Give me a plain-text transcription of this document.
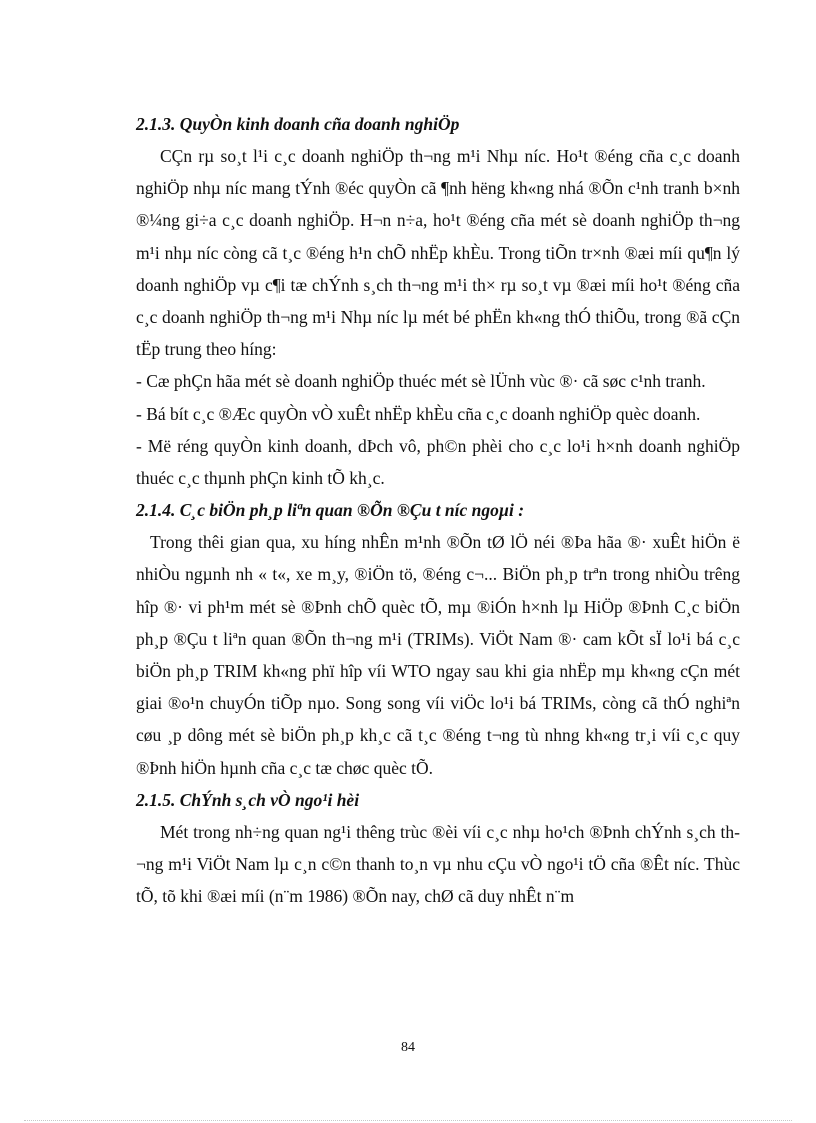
2.1.3. QuyÒn kinh doanh cña doanh nghiÖp

CÇn rµ so¸t l¹i c¸c doanh nghiÖp th¬ng m¹i Nhµ níc. Ho¹t ®éng cña c¸c doanh nghiÖp nhµ níc mang tÝnh ®éc quyÒn cã ¶nh hëng kh«ng nhá ®Õn c¹nh tranh b×nh ®¼ng gi÷a c¸c doanh nghiÖp. H¬n n÷a, ho¹t ®éng cña mét sè doanh nghiÖp th¬ng m¹i nhµ níc còng cã t¸c ®éng h¹n chÕ nhËp khÈu. Trong tiÕn tr×nh ®æi míi qu¶n lý doanh nghiÖp vµ c¶i tæ chÝnh s¸ch th¬ng m¹i th× rµ so¸t vµ ®æi míi ho¹t ®éng cña c¸c doanh nghiÖp th¬ng m¹i Nhµ níc lµ mét bé phËn kh«ng thÓ thiÕu, trong ®ã cÇn tËp trung theo híng:

- Cæ phÇn hãa mét sè doanh nghiÖp thuéc mét sè lÜnh vùc ®· cã søc c¹nh tranh.

- Bá bít c¸c ®Æc quyÒn vÒ xuÊt nhËp khÈu cña c¸c doanh nghiÖp quèc doanh.

- Më réng quyÒn kinh doanh, dÞch vô, ph©n phèi cho c¸c lo¹i h×nh doanh nghiÖp thuéc c¸c thµnh phÇn kinh tÕ kh¸c.

2.1.4. C¸c biÖn ph¸p liªn quan ®Õn ®Çu t níc ngoµi :

Trong thêi gian qua, xu híng nhÊn m¹nh ®Õn tØ lÖ néi ®Þa hãa ®· xuÊt hiÖn ë nhiÒu ngµnh nh « t«, xe m¸y, ®iÖn tö, ®éng c¬... BiÖn ph¸p trªn trong nhiÒu trêng hîp ®· vi ph¹m mét sè ®Þnh chÕ quèc tÕ, mµ ®iÓn h×nh lµ HiÖp ®Þnh C¸c biÖn ph¸p ®Çu t liªn quan ®Õn th¬ng m¹i (TRIMs). ViÖt Nam ®· cam kÕt sÏ lo¹i bá c¸c biÖn ph¸p TRIM kh«ng phï hîp víi WTO ngay sau khi gia nhËp mµ kh«ng cÇn mét giai ®o¹n chuyÓn tiÕp nµo. Song song víi viÖc lo¹i bá TRIMs, còng cã thÓ nghiªn cøu ¸p dông mét sè biÖn ph¸p kh¸c cã t¸c ®éng t¬ng tù nhng kh«ng tr¸i víi c¸c quy ®Þnh hiÖn hµnh cña c¸c tæ chøc quèc tÕ.

2.1.5. ChÝnh s¸ch vÒ ngo¹i hèi

Mét trong nh÷ng quan ng¹i thêng trùc ®èi víi c¸c nhµ ho¹ch ®Þnh chÝnh s¸ch th¬ng m¹i ViÖt Nam lµ c¸n c©n thanh to¸n vµ nhu cÇu vÒ ngo¹i tÖ cña ®Êt níc. Thùc tÕ, tõ khi ®æi míi (n¨m 1986) ®Õn nay, chØ cã duy nhÊt n¨m

84
